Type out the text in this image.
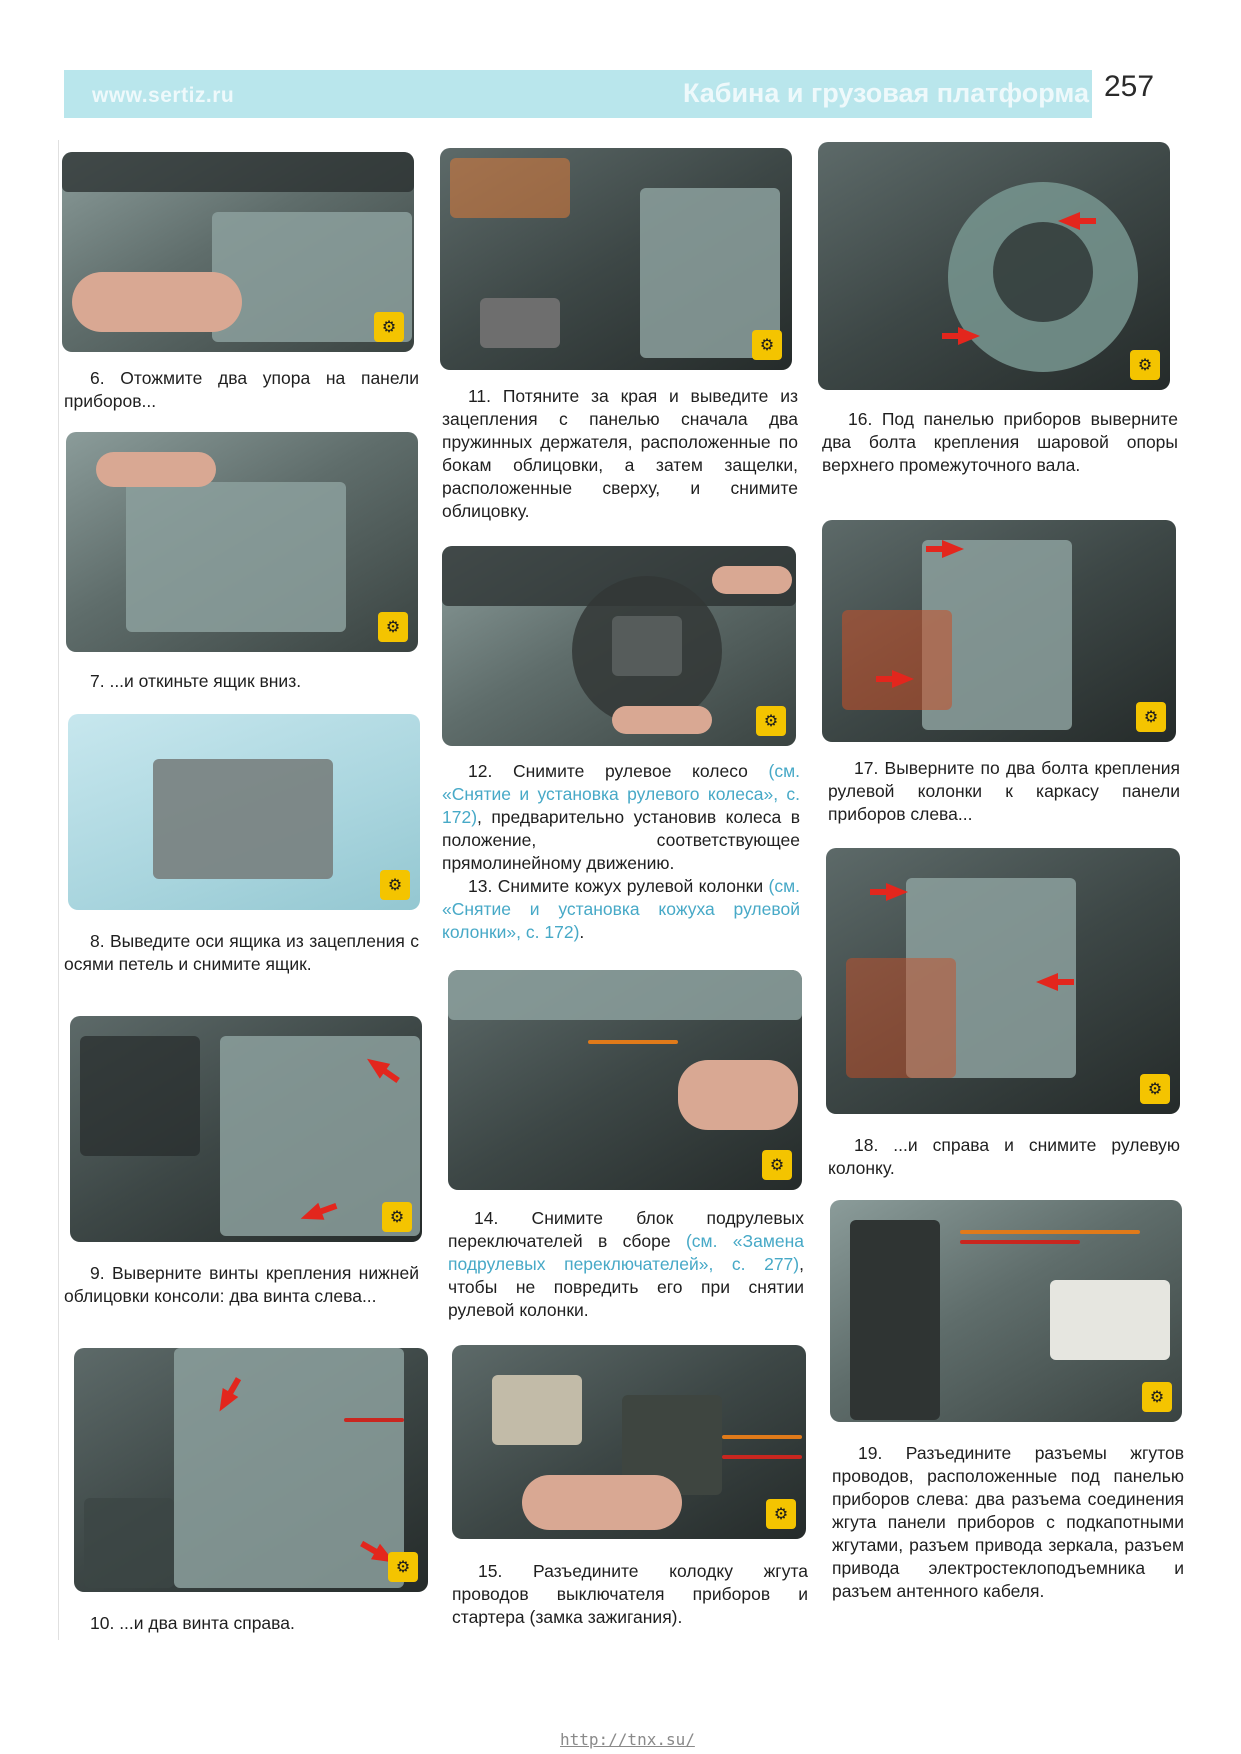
www.sertiz.ru	Кабина и грузовая платформа 257
⚙

6. Отожмите два упора на панели приборов...

⚙

7. ...и откиньте ящик вниз.

⚙

8. Выведите оси ящика из зацепления с осями петель и снимите ящик.

⚙

9. Выверните винты крепления нижней облицовки консоли: два винта слева...

⚙

10. ...и два винта справа.

⚙

11. Потяните за края и выведите из зацепления с панелью сначала два пружинных держателя, расположенные по бокам облицовки, а затем защелки, расположенные сверху, и снимите облицовку.

⚙

12. Снимите рулевое колесо (см. «Снятие и установка рулевого колеса», с. 172), предварительно установив колеса в положение, соответствующее прямолинейному движению.

13. Снимите кожух рулевой колонки (см. «Снятие и установка кожуха рулевой колонки», с. 172).

⚙

14. Снимите блок подрулевых переключателей в сборе (см. «Замена подрулевых переключателей», с. 277), чтобы не повредить его при снятии рулевой колонки.

⚙

15. Разъедините колодку жгута проводов выключателя приборов и стартера (замка зажигания).

⚙

16. Под панелью приборов выверните два болта крепления шаровой опоры верхнего промежуточного вала.

⚙

17. Выверните по два болта крепления рулевой колонки к каркасу панели приборов слева...

⚙

18. ...и справа и снимите рулевую колонку.

⚙

19. Разъедините разъемы жгутов проводов, расположенные под панелью приборов слева: два разъема соединения жгута панели приборов с подкапотными жгутами, разъем привода зеркала, разъем привода электростеклоподъемника и разъем антенного кабеля.

http://tnx.su/
